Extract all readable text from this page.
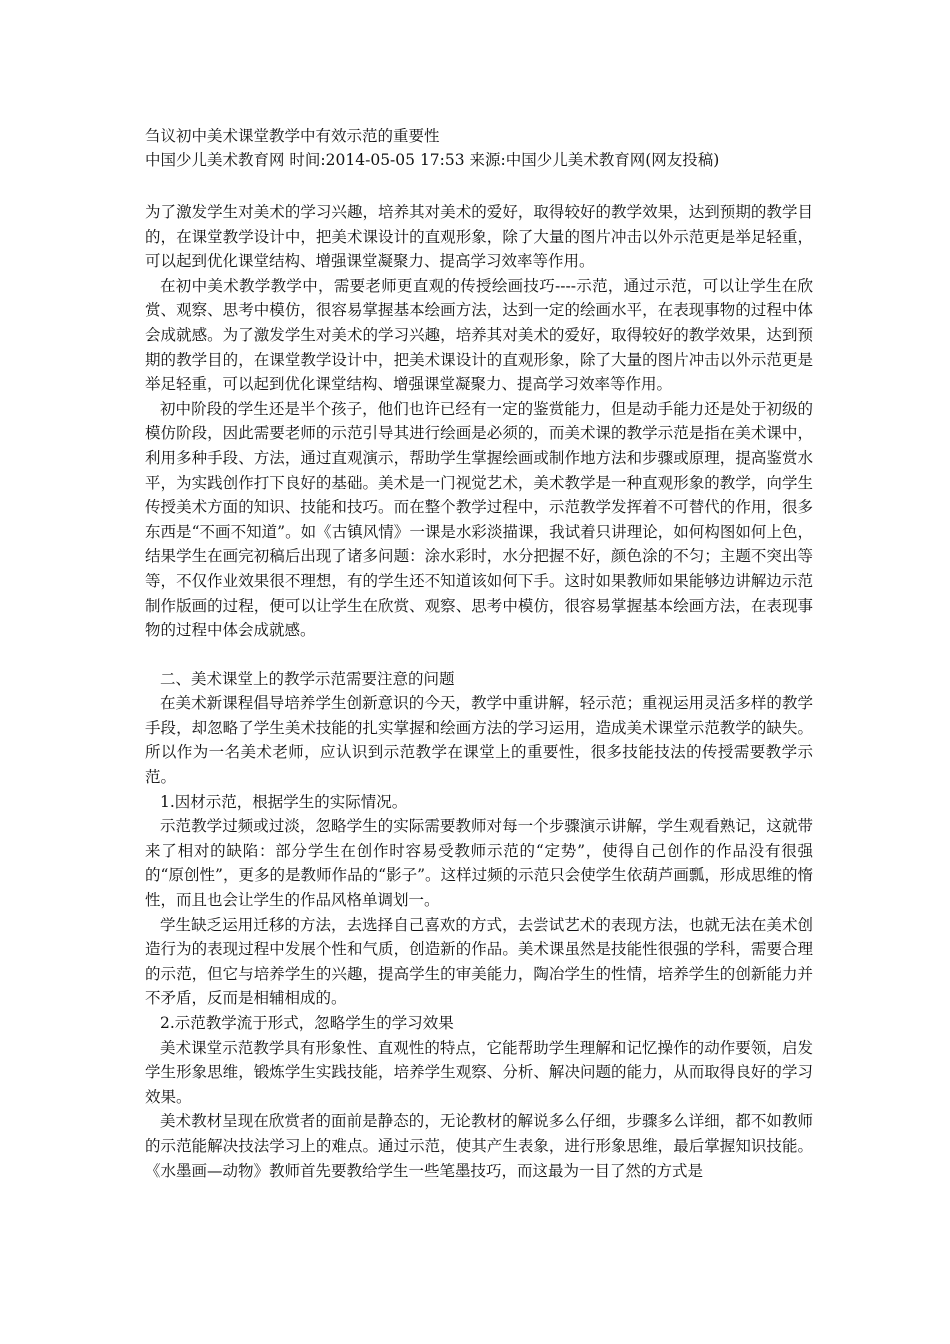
刍议初中美术课堂教学中有效示范的重要性

中国少儿美术教育网 时间:2014-05-05 17:53 来源:中国少儿美术教育网(网友投稿)

为了激发学生对美术的学习兴趣，培养其对美术的爱好，取得较好的教学效果，达到预期的教学目的，在课堂教学设计中，把美术课设计的直观形象，除了大量的图片冲击以外示范更是举足轻重，可以起到优化课堂结构、增强课堂凝聚力、提高学习效率等作用。

在初中美术教学教学中，需要老师更直观的传授绘画技巧----示范，通过示范，可以让学生在欣赏、观察、思考中模仿，很容易掌握基本绘画方法，达到一定的绘画水平，在表现事物的过程中体会成就感。为了激发学生对美术的学习兴趣，培养其对美术的爱好，取得较好的教学效果，达到预期的教学目的，在课堂教学设计中，把美术课设计的直观形象，除了大量的图片冲击以外示范更是举足轻重，可以起到优化课堂结构、增强课堂凝聚力、提高学习效率等作用。

初中阶段的学生还是半个孩子，他们也许已经有一定的鉴赏能力，但是动手能力还是处于初级的模仿阶段，因此需要老师的示范引导其进行绘画是必须的，而美术课的教学示范是指在美术课中，利用多种手段、方法，通过直观演示，帮助学生掌握绘画或制作地方法和步骤或原理，提高鉴赏水平，为实践创作打下良好的基础。美术是一门视觉艺术，美术教学是一种直观形象的教学，向学生传授美术方面的知识、技能和技巧。而在整个教学过程中，示范教学发挥着不可替代的作用，很多东西是“不画不知道”。如《古镇风情》一课是水彩淡描课，我试着只讲理论，如何构图如何上色，结果学生在画完初稿后出现了诸多问题：涂水彩时，水分把握不好，颜色涂的不匀；主题不突出等等，不仅作业效果很不理想，有的学生还不知道该如何下手。这时如果教师如果能够边讲解边示范制作版画的过程，便可以让学生在欣赏、观察、思考中模仿，很容易掌握基本绘画方法，在表现事物的过程中体会成就感。

二、美术课堂上的教学示范需要注意的问题

在美术新课程倡导培养学生创新意识的今天，教学中重讲解，轻示范；重视运用灵活多样的教学手段，却忽略了学生美术技能的扎实掌握和绘画方法的学习运用，造成美术课堂示范教学的缺失。所以作为一名美术老师，应认识到示范教学在课堂上的重要性，很多技能技法的传授需要教学示范。

1.因材示范，根据学生的实际情况。

示范教学过频或过淡，忽略学生的实际需要教师对每一个步骤演示讲解，学生观看熟记，这就带来了相对的缺陷：部分学生在创作时容易受教师示范的“定势”，使得自己创作的作品没有很强的“原创性”，更多的是教师作品的“影子”。这样过频的示范只会使学生依葫芦画瓢，形成思维的惰性，而且也会让学生的作品风格单调划一。

学生缺乏运用迁移的方法，去选择自己喜欢的方式，去尝试艺术的表现方法，也就无法在美术创造行为的表现过程中发展个性和气质，创造新的作品。美术课虽然是技能性很强的学科，需要合理的示范，但它与培养学生的兴趣，提高学生的审美能力，陶冶学生的性情，培养学生的创新能力并不矛盾，反而是相辅相成的。

2.示范教学流于形式，忽略学生的学习效果

美术课堂示范教学具有形象性、直观性的特点，它能帮助学生理解和记忆操作的动作要领，启发学生形象思维，锻炼学生实践技能，培养学生观察、分析、解决问题的能力，从而取得良好的学习效果。

美术教材呈现在欣赏者的面前是静态的，无论教材的解说多么仔细，步骤多么详细，都不如教师的示范能解决技法学习上的难点。通过示范，使其产生表象，进行形象思维，最后掌握知识技能。《水墨画—动物》教师首先要教给学生一些笔墨技巧，而这最为一目了然的方式是
